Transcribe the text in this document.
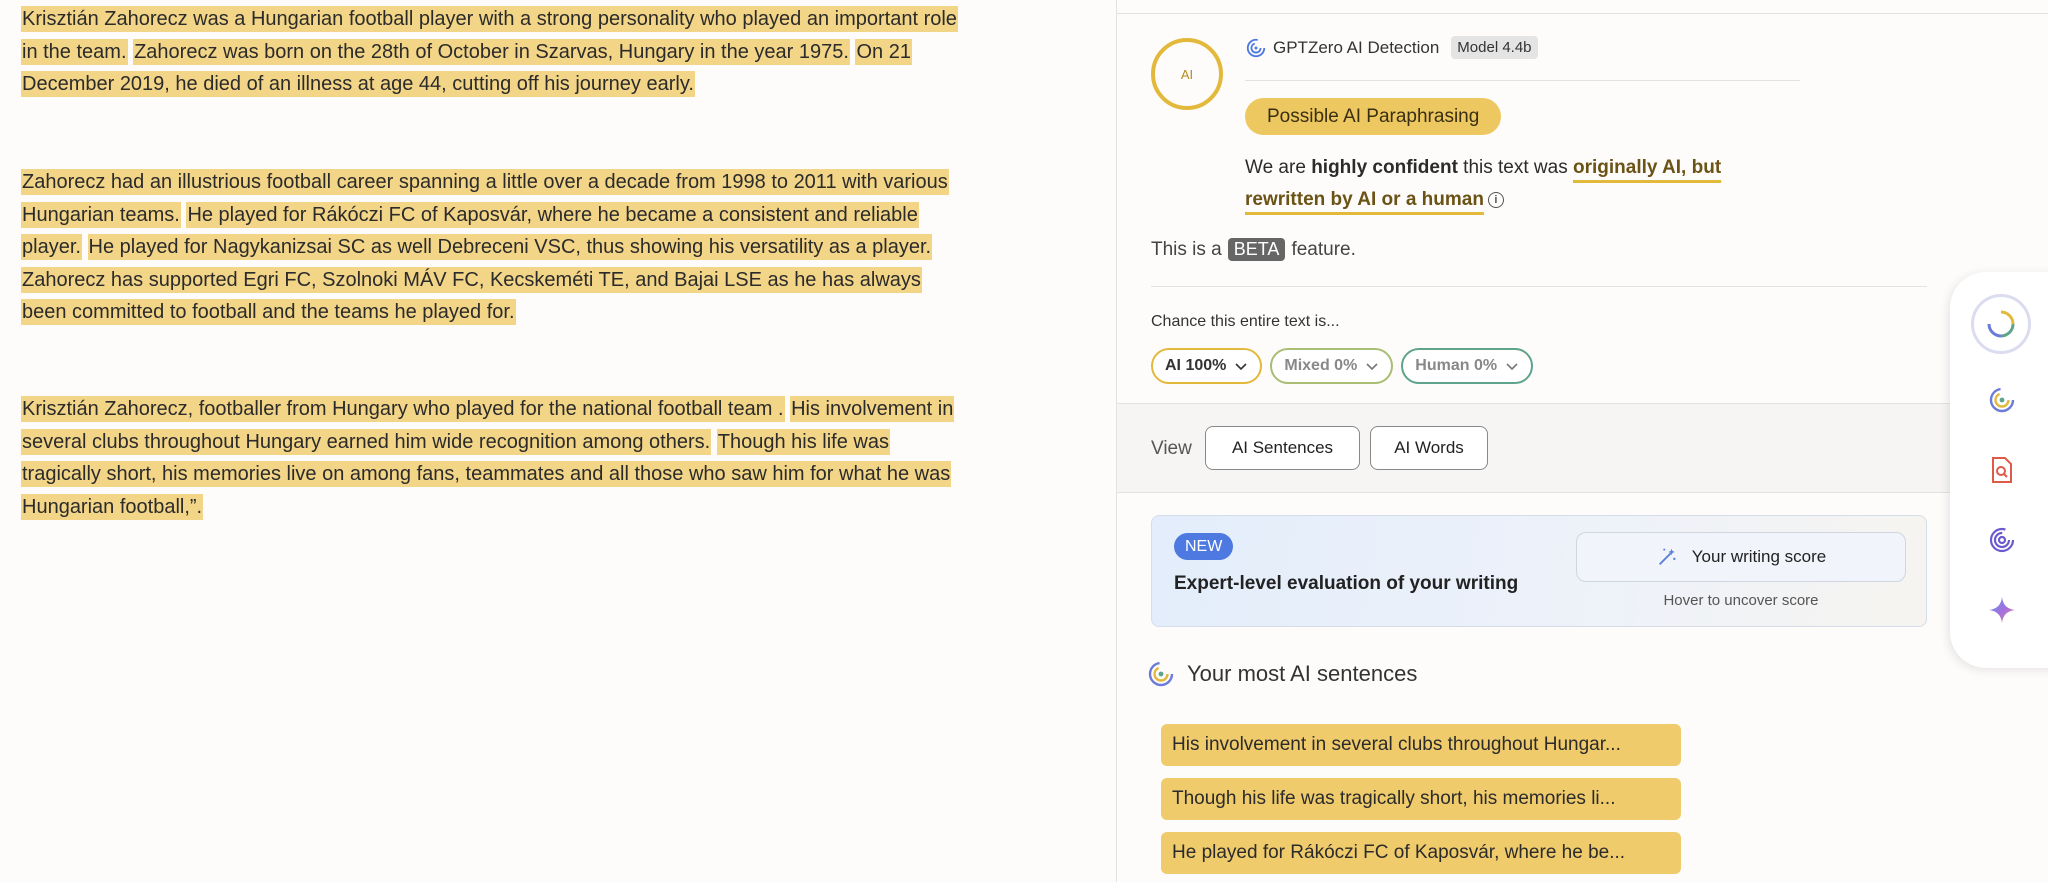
Krisztián Zahorecz was a Hungarian football player with a strong personality who played an important role in the team. Zahorecz was born on the 28th of October in Szarvas, Hungary in the year 1975. On 21 December 2019, he died of an illness at age 44, cutting off his journey early.
Zahorecz had an illustrious football career spanning a little over a decade from 1998 to 2011 with various Hungarian teams. He played for Rákóczi FC of Kaposvár, where he became a consistent and reliable player. He played for Nagykanizsai SC as well Debreceni VSC, thus showing his versatility as a player. Zahorecz has supported Egri FC, Szolnoki MÁV FC, Kecskeméti TE, and Bajai LSE as he has always been committed to football and the teams he played for.
Krisztián Zahorecz, footballer from Hungary who played for the national football team . His involvement in several clubs throughout Hungary earned him wide recognition among others. Though his life was tragically short, his memories live on among fans, teammates and all those who saw him for what he was Hungarian football,”.
AI
GPTZero AI Detection	Model 4.4b
Possible AI Paraphrasing
We are highly confident this text was originally AI, but rewritten by AI or a human i
This is a BETA feature.
Chance this entire text is...
AI 100%	Mixed 0%	Human 0%
View	AI Sentences	AI Words
NEW
Expert-level evaluation of your writing
Your writing score
Hover to uncover score
Your most AI sentences
His involvement in several clubs throughout Hungar...
Though his life was tragically short, his memories li...
He played for Rákóczi FC of Kaposvár, where he be...
